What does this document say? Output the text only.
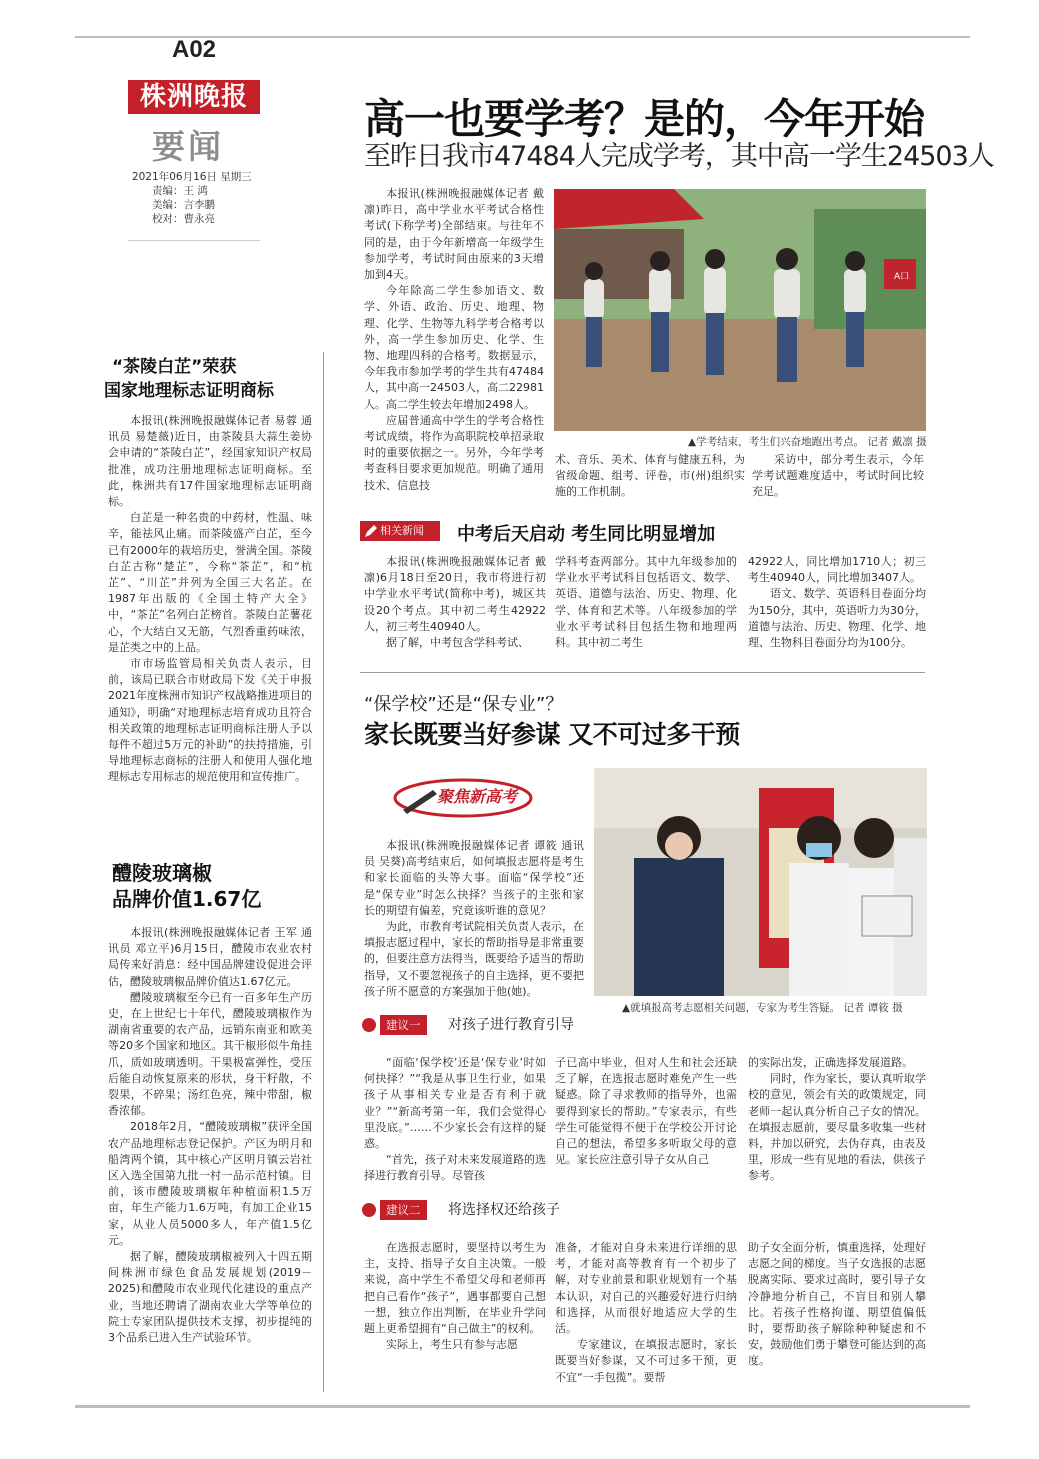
A02
株洲晚报
要闻
2021年06月16日 星期三
责编：王 鸿
美编：言李鹏
校对：曹永亮
高一也要学考？是的，今年开始
至昨日我市47484人完成学考，其中高一学生24503人

本报讯(株洲晚报融媒体记者 戴凛)昨日，高中学业水平考试合格性考试(下称学考)全部结束。与往年不同的是，由于今年新增高一年级学生参加学考，考试时间由原来的3天增加到4天。

今年除高二学生参加语文、数学、外语、政治、历史、地理、物理、化学、生物等九科学考合格考以外，高一学生参加历史、化学、生物、地理四科的合格考。数据显示，今年我市参加学考的学生共有47484人，其中高一24503人，高二22981人。高二学生较去年增加2498人。

应届普通高中学生的学考合格性考试成绩，将作为高职院校单招录取时的重要依据之一。另外，今年学考考查科目要求更加规范。明确了通用技术、信息技

A口
▲学考结束，考生们兴奋地跑出考点。 记者 戴凛 摄

术、音乐、美术、体育与健康五科，为省级命题、组考、评卷，市(州)组织实施的工作机制。

采访中，部分考生表示，今年学考试题难度适中，考试时间比较充足。

相关新闻	中考后天启动 考生同比明显增加

本报讯(株洲晚报融媒体记者 戴凛)6月18日至20日，我市将进行初中学业水平考试(简称中考)，城区共设20个考点。其中初二考生42922人，初三考生40940人。

据了解，中考包含学科考试、

学科考查两部分。其中九年级参加的学业水平考试科目包括语文、数学、英语、道德与法治、历史、物理、化学、体育和艺术等。八年级参加的学业水平考试科目包括生物和地理两科。其中初二考生

42922人，同比增加1710人；初三考生40940人，同比增加3407人。

语文、数学、英语科目卷面分均为150分，其中，英语听力为30分，道德与法治、历史、物理、化学、地理、生物科目卷面分均为100分。

“茶陵白芷”荣获
国家地理标志证明商标

本报讯(株洲晚报融媒体记者 易蓉 通讯员 易楚薇)近日，由茶陵县大蒜生姜协会申请的“茶陵白芷”，经国家知识产权局批准，成功注册地理标志证明商标。至此，株洲共有17件国家地理标志证明商标。

白芷是一种名贵的中药材，性温、味辛，能祛风止痛。而茶陵盛产白芷，至今已有2000年的栽培历史，誉满全国。茶陵白芷古称“楚芷”，今称“茶芷”，和“杭芷”、“川芷”并列为全国三大名芷。在1987年出版的《全国土特产大全》中，“茶芷”名列白芷榜首。茶陵白芷薯花心，个大结白又无筋，气烈香重药味浓，是芷类之中的上品。

市市场监管局相关负责人表示，目前，该局已联合市财政局下发《关于申报2021年度株洲市知识产权战略推进项目的通知》，明确“对地理标志培育成功且符合相关政策的地理标志证明商标注册人予以每件不超过5万元的补助”的扶持措施，引导地理标志商标的注册人和使用人强化地理标志专用标志的规范使用和宣传推广。

醴陵玻璃椒
品牌价值1.67亿

本报讯(株洲晚报融媒体记者 王军 通讯员 邓立平)6月15日，醴陵市农业农村局传来好消息：经中国品牌建设促进会评估，醴陵玻璃椒品牌价值达1.67亿元。

醴陵玻璃椒至今已有一百多年生产历史，在上世纪七十年代，醴陵玻璃椒作为湖南省重要的农产品，远销东南亚和欧美等20多个国家和地区。其干椒形似牛角挂爪，质如玻璃透明。干果极富弹性，受压后能自动恢复原来的形状，身干籽散，不裂果，不碎果；汤红色亮，辣中带甜，椒香浓郁。

2018年2月，“醴陵玻璃椒”获评全国农产品地理标志登记保护。产区为明月和船湾两个镇，其中核心产区明月镇云岩社区入选全国第九批一村一品示范村镇。目前，该市醴陵玻璃椒年种植面积1.5万亩，年生产能力1.6万吨，有加工企业15家，从业人员5000多人，年产值1.5亿元。

据了解，醴陵玻璃椒被列入十四五期间株洲市绿色食品发展规划(2019－2025)和醴陵市农业现代化建设的重点产业，当地还聘请了湖南农业大学等单位的院士专家团队提供技术支撑，初步提纯的3个品系已进入生产试验环节。

“保学校”还是“保专业”？
家长既要当好参谋 又不可过多干预
聚焦新高考

本报讯(株洲晚报融媒体记者 谭筱 通讯员 吴葵)高考结束后，如何填报志愿将是考生和家长面临的头等大事。面临“保学校”还是“保专业”时怎么抉择？当孩子的主张和家长的期望有偏差，究竟该听谁的意见？

为此，市教育考试院相关负责人表示，在填报志愿过程中，家长的帮助指导是非常重要的，但要注意方法得当，既要给予适当的帮助指导，又不要忽视孩子的自主选择，更不要把孩子所不愿意的方案强加于他(她)。

▲就填报高考志愿相关问题，专家为考生答疑。 记者 谭筱 摄
建议一	对孩子进行教育引导

“面临‘保学校’还是‘保专业’时如何抉择？”“我是从事卫生行业，如果孩子从事相关专业是否有利于就业？”“新高考第一年，我们会觉得心里没底。”……不少家长会有这样的疑惑。

“首先，孩子对未来发展道路的选择进行教育引导。尽管孩

子已高中毕业，但对人生和社会还缺乏了解，在选报志愿时难免产生一些疑惑。除了寻求教师的指导外，也需要得到家长的帮助。”专家表示，有些学生可能觉得不便于在学校公开讨论自己的想法，希望多多听取父母的意见。家长应注意引导子女从自己

的实际出发，正确选择发展道路。

同时，作为家长，要认真听取学校的意见，领会有关的政策规定，同老师一起认真分析自己子女的情况。在填报志愿前，要尽量多收集一些材料，并加以研究，去伪存真，由表及里，形成一些有见地的看法，供孩子参考。

建议二	将选择权还给孩子

在选报志愿时，要坚持以考生为主，支持、指导子女自主决策。一般来说，高中学生不希望父母和老师再把自己看作“孩子”，遇事都要自己想一想，独立作出判断，在毕业升学问题上更希望拥有“自己做主”的权利。

实际上，考生只有参与志愿

准备，才能对自身未来进行详细的思考，才能对高等教育有一个初步了解，对专业前景和职业规划有一个基本认识，对自己的兴趣爱好进行归纳和选择，从而很好地适应大学的生活。

专家建议，在填报志愿时，家长既要当好参谋，又不可过多干预，更不宜“一手包揽”。要帮

助子女全面分析，慎重选择，处理好志愿之间的梯度。当子女选报的志愿脱离实际、要求过高时，要引导子女冷静地分析自己，不盲目和别人攀比。若孩子性格拘谨、期望值偏低时，要帮助孩子解除种种疑虑和不安，鼓励他们勇于攀登可能达到的高度。
